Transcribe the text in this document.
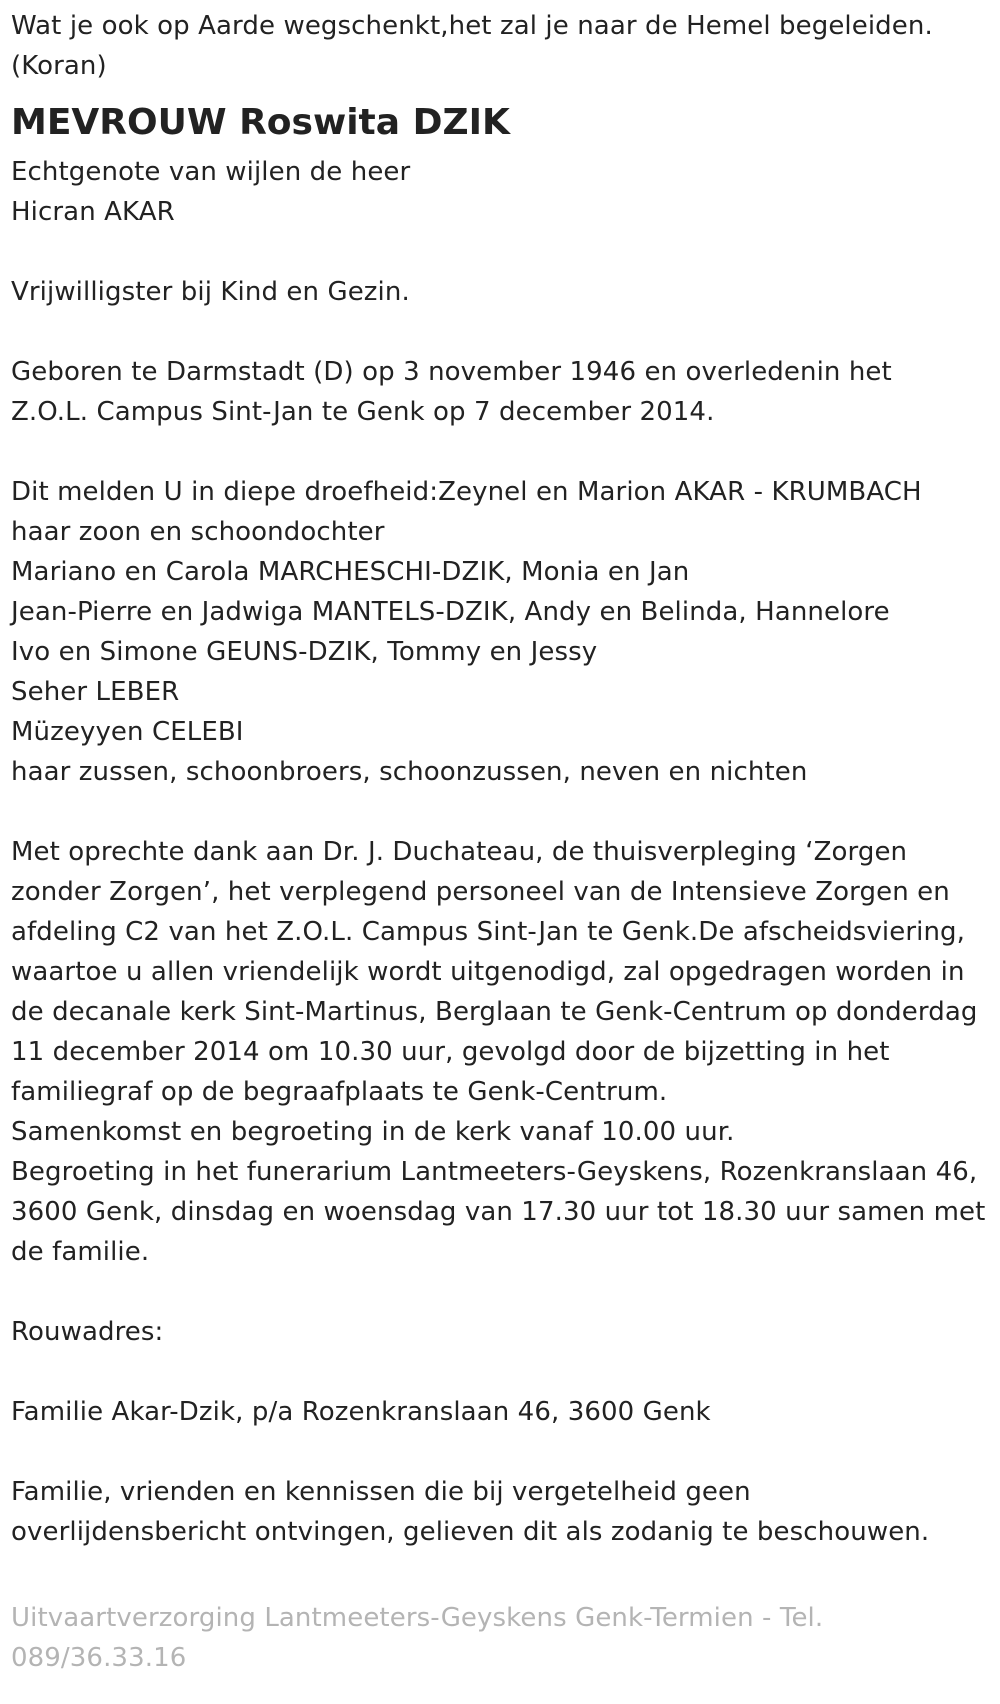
Wat je ook op Aarde wegschenkt,het zal je naar de Hemel begeleiden.
(Koran)
MEVROUW Roswita DZIK
Echtgenote van wijlen de heer
Hicran AKAR
Vrijwilligster bij Kind en Gezin.
Geboren te Darmstadt (D) op 3 november 1946 en overledenin het
Z.O.L. Campus Sint-Jan te Genk op 7 december 2014.
Dit melden U in diepe droefheid:Zeynel en Marion AKAR - KRUMBACH
haar zoon en schoondochter
Mariano en Carola MARCHESCHI-DZIK, Monia en Jan
Jean-Pierre en Jadwiga MANTELS-DZIK, Andy en Belinda, Hannelore
Ivo en Simone GEUNS-DZIK, Tommy en Jessy
Seher LEBER
Müzeyyen CELEBI
haar zussen, schoonbroers, schoonzussen, neven en nichten
Met oprechte dank aan Dr. J. Duchateau, de thuisverpleging ‘Zorgen
zonder Zorgen’, het verplegend personeel van de Intensieve Zorgen en
afdeling C2 van het Z.O.L. Campus Sint-Jan te Genk.De afscheidsviering,
waartoe u allen vriendelijk wordt uitgenodigd, zal opgedragen worden in
de decanale kerk Sint-Martinus, Berglaan te Genk-Centrum op donderdag
11 december 2014 om 10.30 uur, gevolgd door de bijzetting in het
familiegraf op de begraafplaats te Genk-Centrum.
Samenkomst en begroeting in de kerk vanaf 10.00 uur.
Begroeting in het funerarium Lantmeeters-Geyskens, Rozenkranslaan 46,
3600 Genk, dinsdag en woensdag van 17.30 uur tot 18.30 uur samen met
de familie.
Rouwadres:
Familie Akar-Dzik, p/a Rozenkranslaan 46, 3600 Genk
Familie, vrienden en kennissen die bij vergetelheid geen
overlijdensbericht ontvingen, gelieven dit als zodanig te beschouwen.
Uitvaartverzorging Lantmeeters-Geyskens Genk-Termien - Tel.
089/36.33.16
